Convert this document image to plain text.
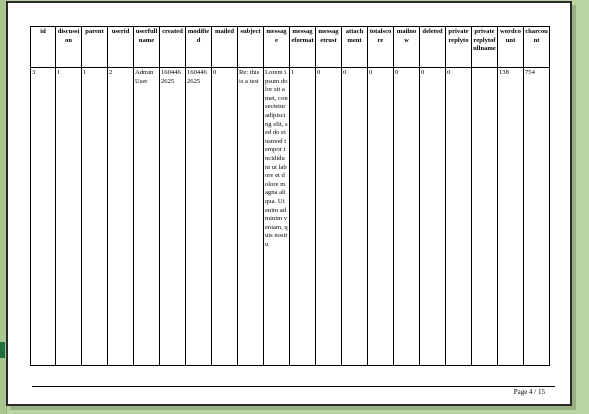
id	discussion	parent	userid	userfullname	created	modified	mailed	subject	message	messageformat	messagetrust	attachment	totalscore	mailnow	deleted	privatereplyto	privatereplytofullname	wordcount	charcount
3	1	1	2	Admin User	1604462625	1604462625	0	Re: this is a test	Lorem ipsum dolor sit amet, consectetur adipiscing elit, sed do eiusmod tempor incididunt ut labore et dolore magna aliqua. Ut enim ad minim veniam, quis nostru	1	0	0	0	0	0	0		138	754
Page 4 / 15
